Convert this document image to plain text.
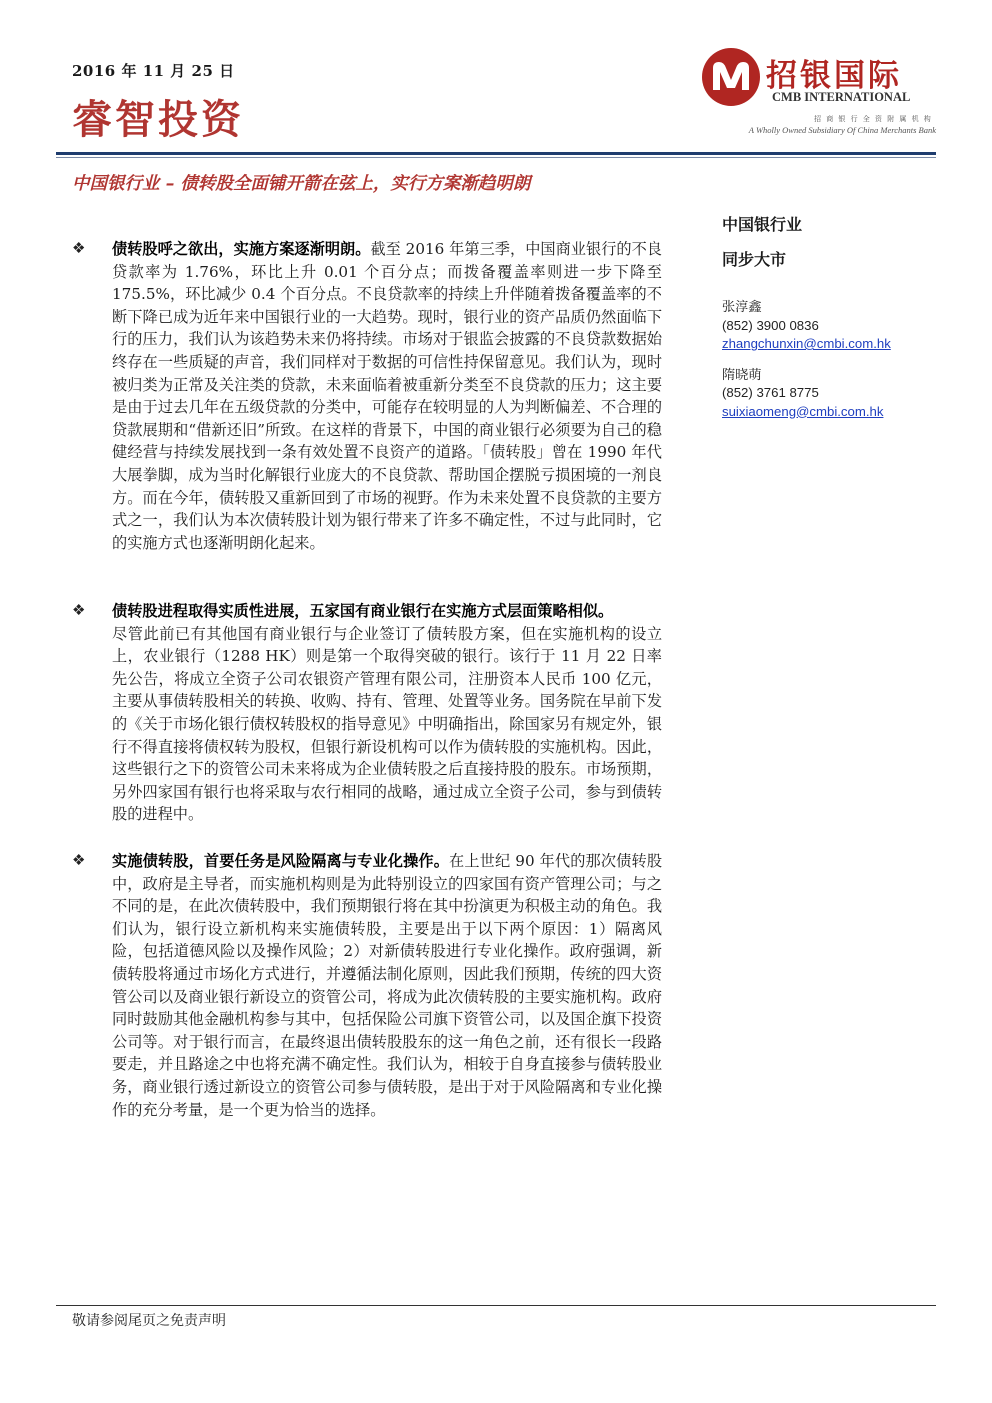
2016 年 11 月 25 日
睿智投资
招银国际
CMB INTERNATIONAL
招商银行全资附属机构
A Wholly Owned Subsidiary Of China Merchants Bank
中国银行业 – 债转股全面铺开箭在弦上，实行方案渐趋明朗
❖ 债转股呼之欲出，实施方案逐渐明朗。截至 2016 年第三季，中国商业银行的不良贷款率为 1.76%，环比上升 0.01 个百分点；而拨备覆盖率则进一步下降至 175.5%，环比减少 0.4 个百分点。不良贷款率的持续上升伴随着拨备覆盖率的不断下降已成为近年来中国银行业的一大趋势。现时，银行业的资产品质仍然面临下行的压力，我们认为该趋势未来仍将持续。市场对于银监会披露的不良贷款数据始终存在一些质疑的声音，我们同样对于数据的可信性持保留意见。我们认为，现时被归类为正常及关注类的贷款，未来面临着被重新分类至不良贷款的压力；这主要是由于过去几年在五级贷款的分类中，可能存在较明显的人为判断偏差、不合理的贷款展期和“借新还旧”所致。在这样的背景下，中国的商业银行必须要为自己的稳健经营与持续发展找到一条有效处置不良资产的道路。「债转股」曾在 1990 年代大展拳脚，成为当时化解银行业庞大的不良贷款、帮助国企摆脱亏损困境的一剂良方。而在今年，债转股又重新回到了市场的视野。作为未来处置不良贷款的主要方式之一，我们认为本次债转股计划为银行带来了许多不确定性，不过与此同时，它的实施方式也逐渐明朗化起来。
❖ 债转股进程取得实质性进展，五家国有商业银行在实施方式层面策略相似。
尽管此前已有其他国有商业银行与企业签订了债转股方案，但在实施机构的设立上，农业银行（1288 HK）则是第一个取得突破的银行。该行于 11 月 22 日率先公告，将成立全资子公司农银资产管理有限公司，注册资本人民币 100 亿元，主要从事债转股相关的转换、收购、持有、管理、处置等业务。国务院在早前下发的《关于市场化银行债权转股权的指导意见》中明确指出，除国家另有规定外，银行不得直接将债权转为股权，但银行新设机构可以作为债转股的实施机构。因此，这些银行之下的资管公司未来将成为企业债转股之后直接持股的股东。市场预期，另外四家国有银行也将采取与农行相同的战略，通过成立全资子公司，参与到债转股的进程中。
❖ 实施债转股，首要任务是风险隔离与专业化操作。在上世纪 90 年代的那次债转股中，政府是主导者，而实施机构则是为此特别设立的四家国有资产管理公司；与之不同的是，在此次债转股中，我们预期银行将在其中扮演更为积极主动的角色。我们认为，银行设立新机构来实施债转股，主要是出于以下两个原因：1）隔离风险，包括道德风险以及操作风险；2）对新债转股进行专业化操作。政府强调，新债转股将通过市场化方式进行，并遵循法制化原则，因此我们预期，传统的四大资管公司以及商业银行新设立的资管公司，将成为此次债转股的主要实施机构。政府同时鼓励其他金融机构参与其中，包括保险公司旗下资管公司，以及国企旗下投资公司等。对于银行而言，在最终退出债转股股东的这一角色之前，还有很长一段路要走，并且路途之中也将充满不确定性。我们认为，相较于自身直接参与债转股业务，商业银行透过新设立的资管公司参与债转股，是出于对于风险隔离和专业化操作的充分考量，是一个更为恰当的选择。
中国银行业
同步大市
张淳鑫
(852) 3900 0836
zhangchunxin@cmbi.com.hk
隋晓萌
(852) 3761 8775
suixiaomeng@cmbi.com.hk
敬请参阅尾页之免责声明
